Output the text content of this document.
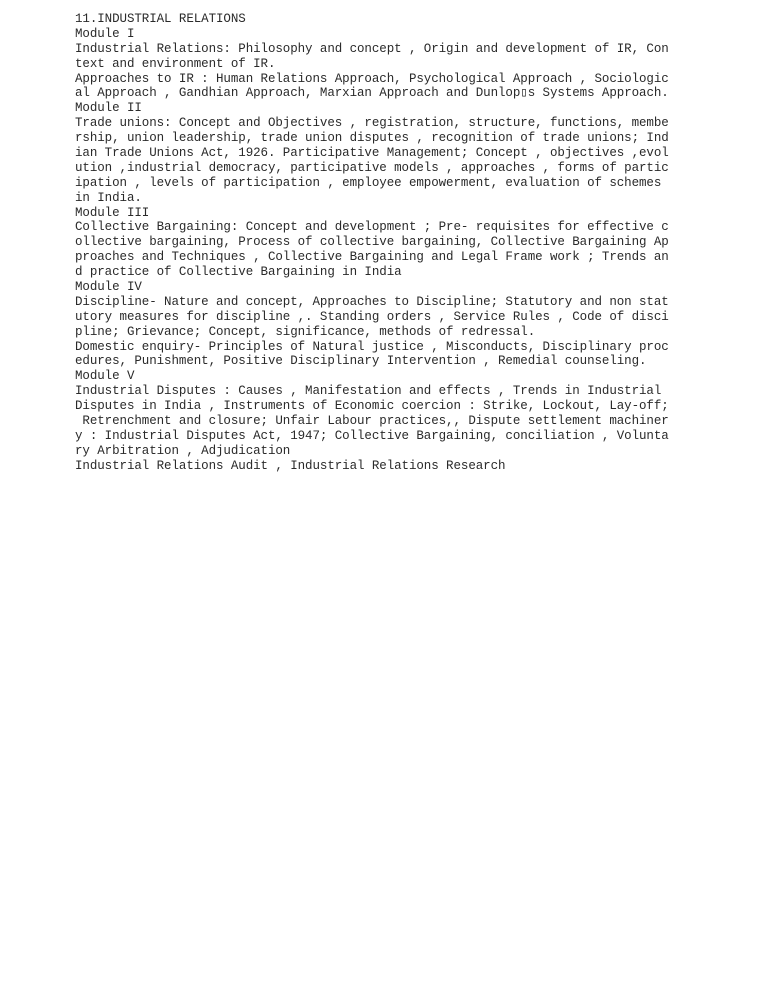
11.INDUSTRIAL RELATIONS
Module I
Industrial Relations: Philosophy and concept , Origin and development of IR, Con
text and environment of IR.
Approaches to IR : Human Relations Approach, Psychological Approach , Sociologic
al Approach , Gandhian Approach, Marxian Approach and Dunlop▯s Systems Approach.
Module II
Trade unions: Concept and Objectives , registration, structure, functions, membe
rship, union leadership, trade union disputes , recognition of trade unions; Ind
ian Trade Unions Act, 1926. Participative Management; Concept , objectives ,evol
ution ,industrial democracy, participative models , approaches , forms of partic
ipation , levels of participation , employee empowerment, evaluation of schemes
in India.
Module III
Collective Bargaining: Concept and development ; Pre- requisites for effective c
ollective bargaining, Process of collective bargaining, Collective Bargaining Ap
proaches and Techniques , Collective Bargaining and Legal Frame work ; Trends an
d practice of Collective Bargaining in India
Module IV
Discipline- Nature and concept, Approaches to Discipline; Statutory and non stat
utory measures for discipline ,. Standing orders , Service Rules , Code of disci
pline; Grievance; Concept, significance, methods of redressal.
Domestic enquiry- Principles of Natural justice , Misconducts, Disciplinary proc
edures, Punishment, Positive Disciplinary Intervention , Remedial counseling.
Module V
Industrial Disputes : Causes , Manifestation and effects , Trends in Industrial
Disputes in India , Instruments of Economic coercion : Strike, Lockout, Lay-off;
Retrenchment and closure; Unfair Labour practices,, Dispute settlement machiner
y : Industrial Disputes Act, 1947; Collective Bargaining, conciliation , Volunta
ry Arbitration , Adjudication
Industrial Relations Audit , Industrial Relations Research
